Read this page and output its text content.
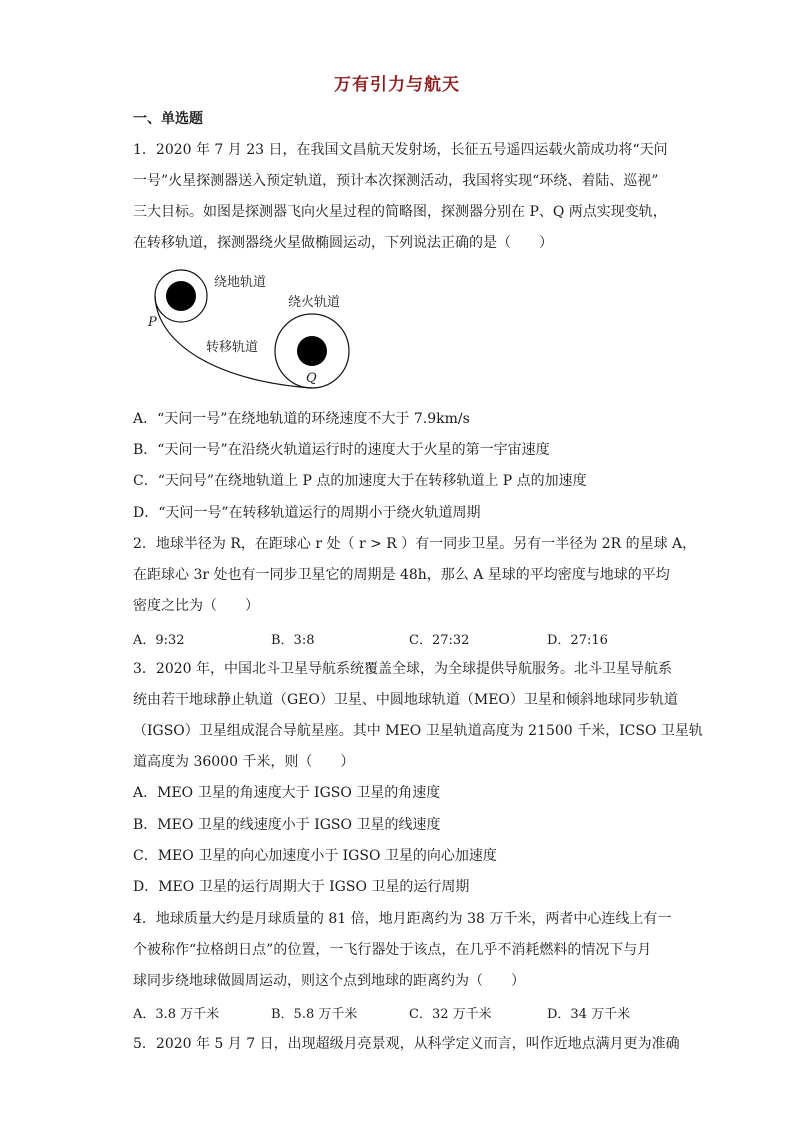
万有引力与航天
一、单选题
1．2020 年 7 月 23 日，在我国文昌航天发射场，长征五号遥四运载火箭成功将“天问
一号”火星探测器送入预定轨道，预计本次探测活动，我国将实现“环绕、着陆、巡视”
三大目标。如图是探测器飞向火星过程的简略图，探测器分别在 P、Q 两点实现变轨，
在转移轨道，探测器绕火星做椭圆运动，下列说法正确的是（　　）
绕地轨道
绕火轨道
转移轨道
P
Q
A．“天问一号”在绕地轨道的环绕速度不大于 7.9km/s
B．“天问一号”在沿绕火轨道运行时的速度大于火星的第一宇宙速度
C．“天问号”在绕地轨道上 P 点的加速度大于在转移轨道上 P 点的加速度
D．“天问一号”在转移轨道运行的周期小于绕火轨道周期
2．地球半径为 R，在距球心 r 处（ r > R ）有一同步卫星。另有一半径为 2R 的星球 A，
在距球心 3r 处也有一同步卫星它的周期是 48h，那么 A 星球的平均密度与地球的平均
密度之比为（　　）
A．9:32	B．3:8	C．27:32	D．27:16
3．2020 年，中国北斗卫星导航系统覆盖全球，为全球提供导航服务。北斗卫星导航系
统由若干地球静止轨道（GEO）卫星、中圆地球轨道（MEO）卫星和倾斜地球同步轨道
（IGSO）卫星组成混合导航星座。其中 MEO 卫星轨道高度为 21500 千米，ICSO 卫星轨
道高度为 36000 千米，则（　　）
A．MEO 卫星的角速度大于 IGSO 卫星的角速度
B．MEO 卫星的线速度小于 IGSO 卫星的线速度
C．MEO 卫星的向心加速度小于 IGSO 卫星的向心加速度
D．MEO 卫星的运行周期大于 IGSO 卫星的运行周期
4．地球质量大约是月球质量的 81 倍，地月距离约为 38 万千米，两者中心连线上有一
个被称作“拉格朗日点”的位置，一飞行器处于该点，在几乎不消耗燃料的情况下与月
球同步绕地球做圆周运动，则这个点到地球的距离约为（　　）
A．3.8 万千米	B．5.8 万千米	C．32 万千米	D．34 万千米
5．2020 年 5 月 7 日，出现超级月亮景观，从科学定义而言，叫作近地点满月更为准确
